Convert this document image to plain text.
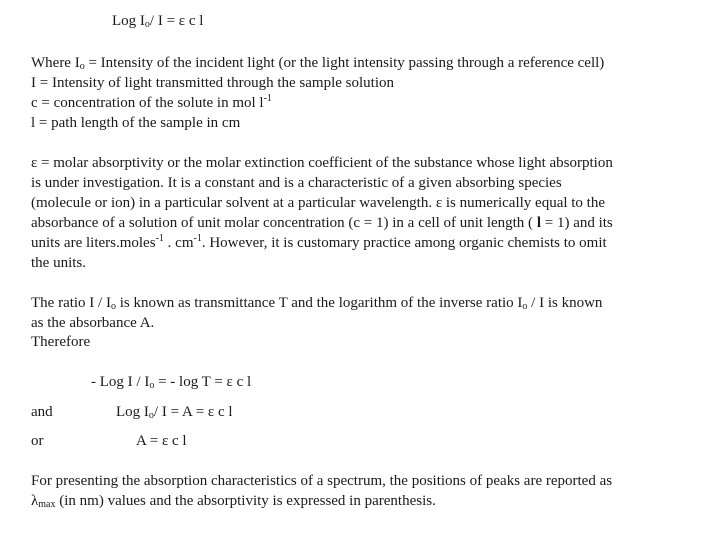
Log $I_o/$ I = ε c l
Where $I_o$ = Intensity of the incident light (or the light intensity passing through a reference cell)
I = Intensity of light transmitted through the sample solution
c = concentration of the solute in mol $l^{-1}$
l = path length of the sample in cm
ε = molar absorptivity or the molar extinction coefficient of the substance whose light absorption
is under investigation. It is a constant and is a characteristic of a given absorbing species
(molecule or ion) in a particular solvent at a particular wavelength. ε is numerically equal to the
absorbance of a solution of unit molar concentration (c = 1) in a cell of unit length ( l = 1) and its
units are liters.moles$^{-1}$ . $cm^{-1}$. However, it is customary practice among organic chemists to omit
the units.
The ratio I / $I_o$ is known as transmittance T and the logarithm of the inverse ratio $I_o$ / I is known
as the absorbance A.
Therefore
- Log I / $I_o$ = - log T = ε c l
and	Log $I_o/$ I = A = ε c l
or	A = ε c l
For presenting the absorption characteristics of a spectrum, the positions of peaks are reported as
$\lambda_{max}$ (in nm) values and the absorptivity is expressed in parenthesis.
